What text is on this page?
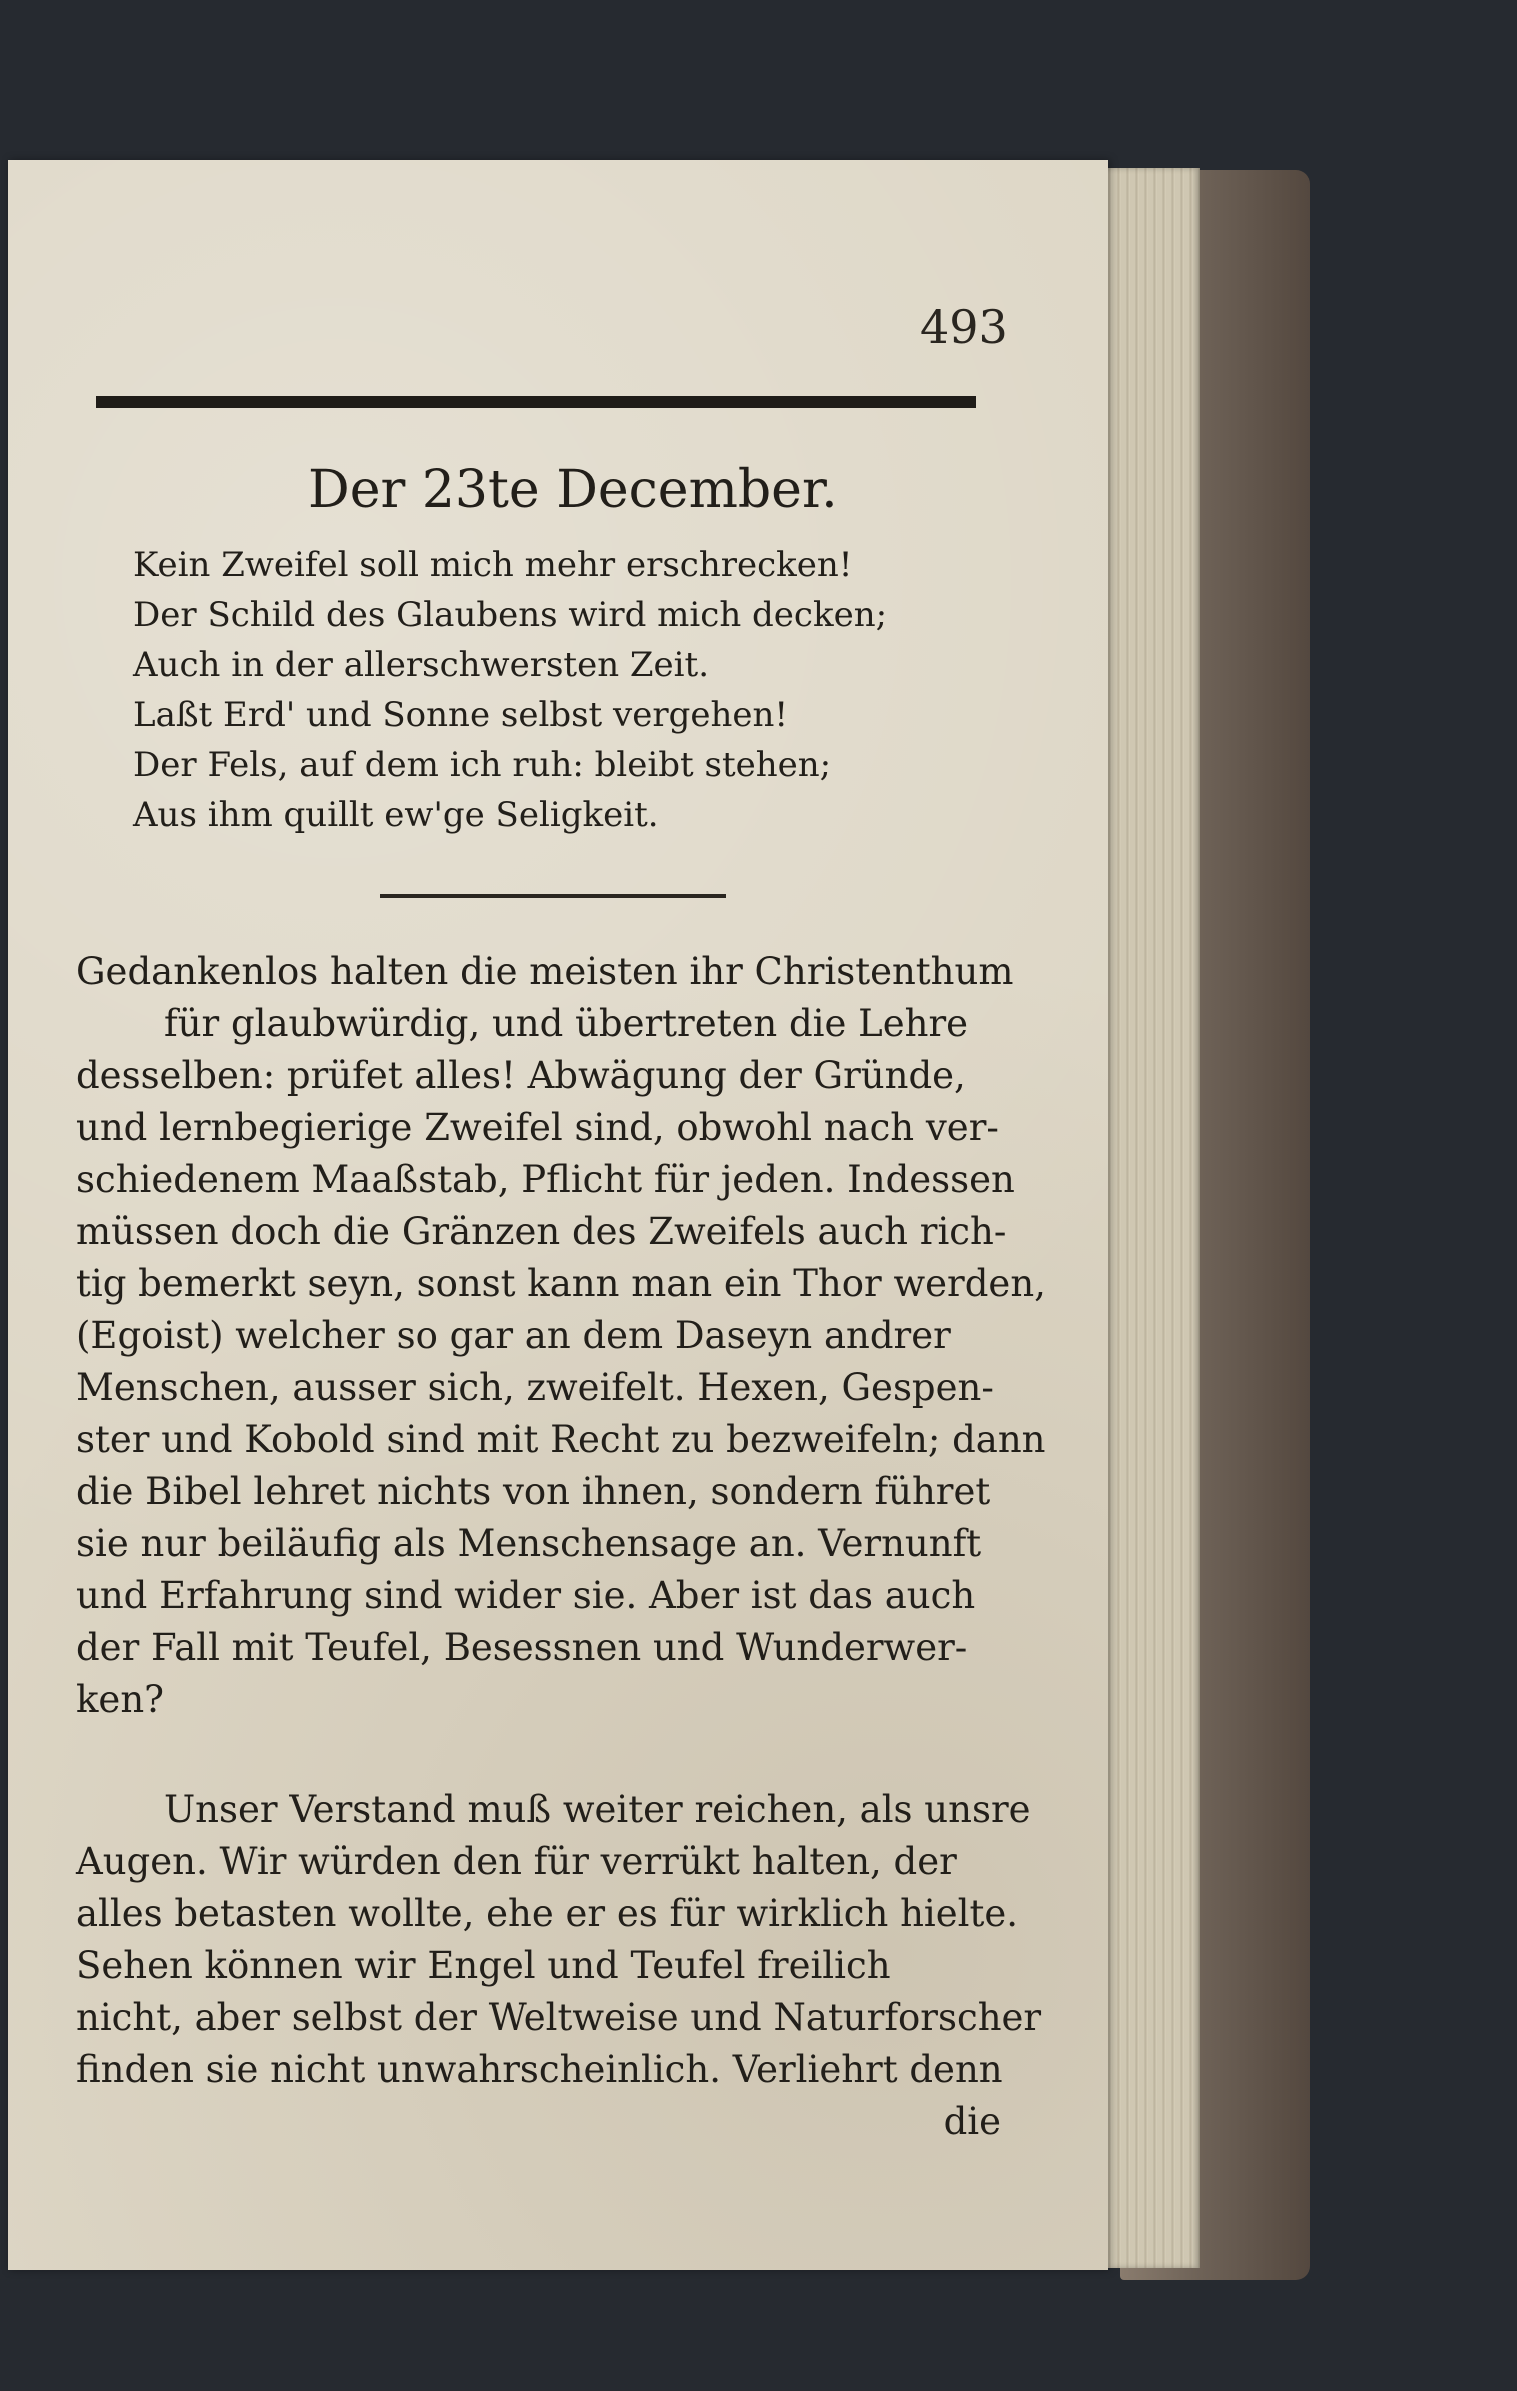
493
Der 23te December.
Kein Zweifel soll mich mehr erschrecken!
Der Schild des Glaubens wird mich decken;
Auch in der allerschwersten Zeit.
Laßt Erd' und Sonne selbst vergehen!
Der Fels, auf dem ich ruh: bleibt stehen;
Aus ihm quillt ew'ge Seligkeit.
Gedankenlos halten die meisten ihr Christenthum
für glaubwürdig, und übertreten die Lehre
desselben: prüfet alles! Abwägung der Gründe,
und lernbegierige Zweifel sind, obwohl nach ver-
schiedenem Maaßstab, Pflicht für jeden. Indessen
müssen doch die Gränzen des Zweifels auch rich-
tig bemerkt seyn, sonst kann man ein Thor werden,
(Egoist) welcher so gar an dem Daseyn andrer
Menschen, ausser sich, zweifelt. Hexen, Gespen-
ster und Kobold sind mit Recht zu bezweifeln; dann
die Bibel lehret nichts von ihnen, sondern führet
sie nur beiläufig als Menschensage an. Vernunft
und Erfahrung sind wider sie. Aber ist das auch
der Fall mit Teufel, Besessnen und Wunderwer-
ken?
Unser Verstand muß weiter reichen, als unsre
Augen. Wir würden den für verrükt halten, der
alles betasten wollte, ehe er es für wirklich hielte.
Sehen können wir Engel und Teufel freilich
nicht, aber selbst der Weltweise und Naturforscher
finden sie nicht unwahrscheinlich. Verliehrt denn
die
